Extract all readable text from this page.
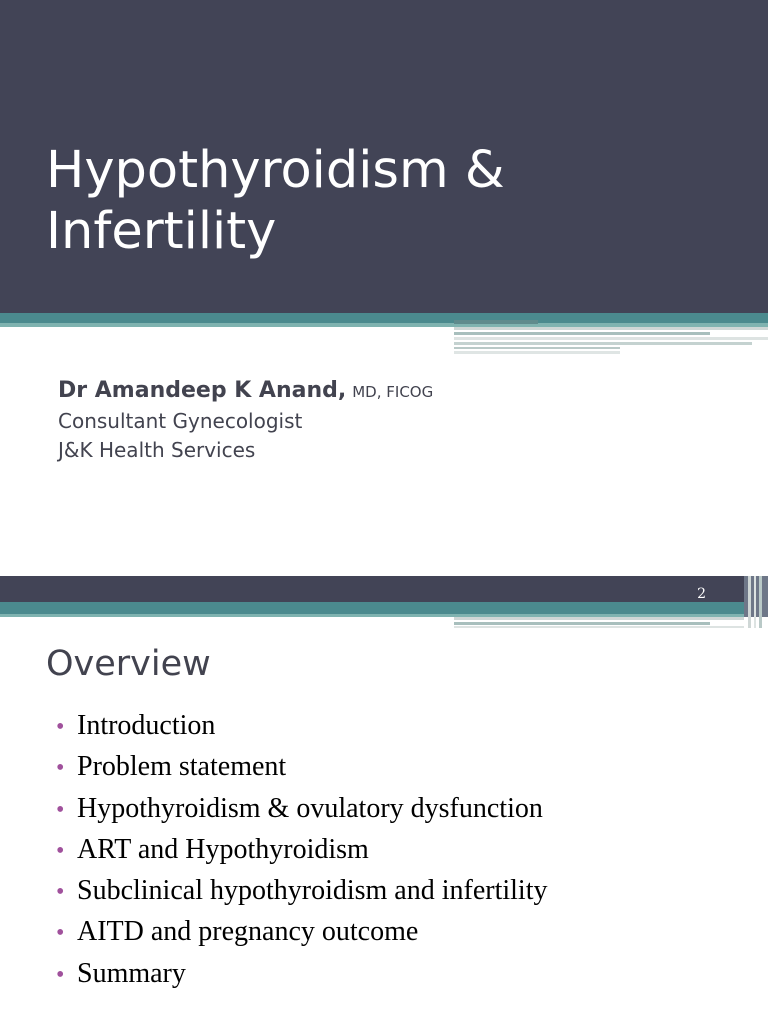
Hypothyroidism &
Infertility
Dr Amandeep K Anand, MD, FICOG
Consultant Gynecologist
J&K Health Services
2
Overview
• Introduction
• Problem statement
• Hypothyroidism & ovulatory dysfunction
• ART and Hypothyroidism
• Subclinical hypothyroidism and infertility
• AITD and pregnancy outcome
• Summary
